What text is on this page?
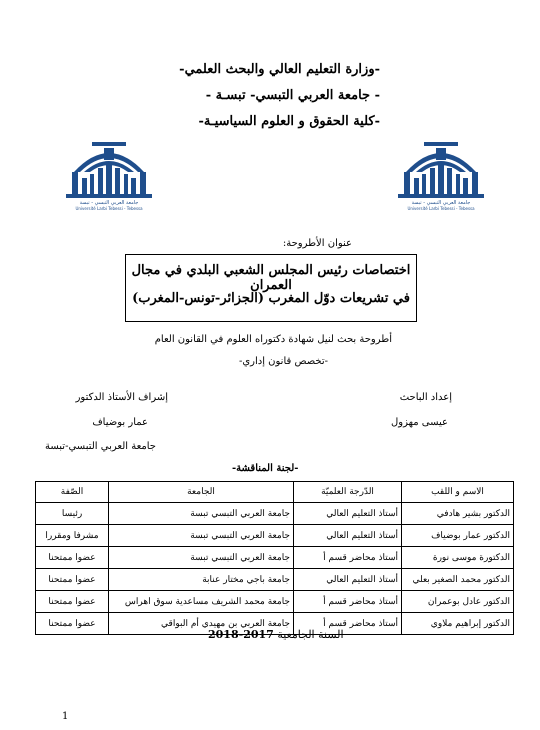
-وزارة التعليم العالي والبحث العلمي-
- جامعة العربي التبسي- تبسـة -
-كلية الحقوق و العلوم السياسيـة-
جامعة العربي التبسي - تبسة
Université Larbi Tebessi - Tebessa
جامعة العربي التبسي - تبسة
Université Larbi Tebessi - Tebessa
عنوان الأطروحة:
اختصاصات رئيس المجلس الشعبي البلدي في مجال العمران
في تشريعات دوّل المغرب (الجزائر-تونس-المغرب)
أطروحة بحث لنيل شهادة دكتوراه العلوم في القانون العام
-تخصص قانون إداري-
إعداد الباحث
عيسى مهزول
إشراف الأستاذ الدكتور
عمار بوضياف
جامعة العربي التبسي-تبسة
-لجنة المناقشة-
الاسم و اللقب	الدّرجة العلميّة	الجامعة	الصّفة
الدكتور بشير هادفي	أستاذ التعليم العالي	جامعة العربي التبسي تبسة	رئيسا
الدكتور عمار بوضياف	أستاذ التعليم العالي	جامعة العربي التبسي تبسة	مشرفا ومقررا
الدكتورة موسى نورة	أستاذ محاضر قسم أ	جامعة العربي التبسي تبسة	عضوا ممتحنا
الدكتور محمد الصغير بعلي	أستاذ التعليم العالي	جامعة باجي مختار عنابة	عضوا ممتحنا
الدكتور عادل بوعمران	أستاذ محاضر قسم أ	جامعة محمد الشريف مساعدية سوق اهراس	عضوا ممتحنا
الدكتور إبراهيم ملاوي	أستاذ محاضر قسم أ	جامعة العربي بن مهيدي أم البواقي	عضوا ممتحنا
السنة الجامعية 2017-2018
1
